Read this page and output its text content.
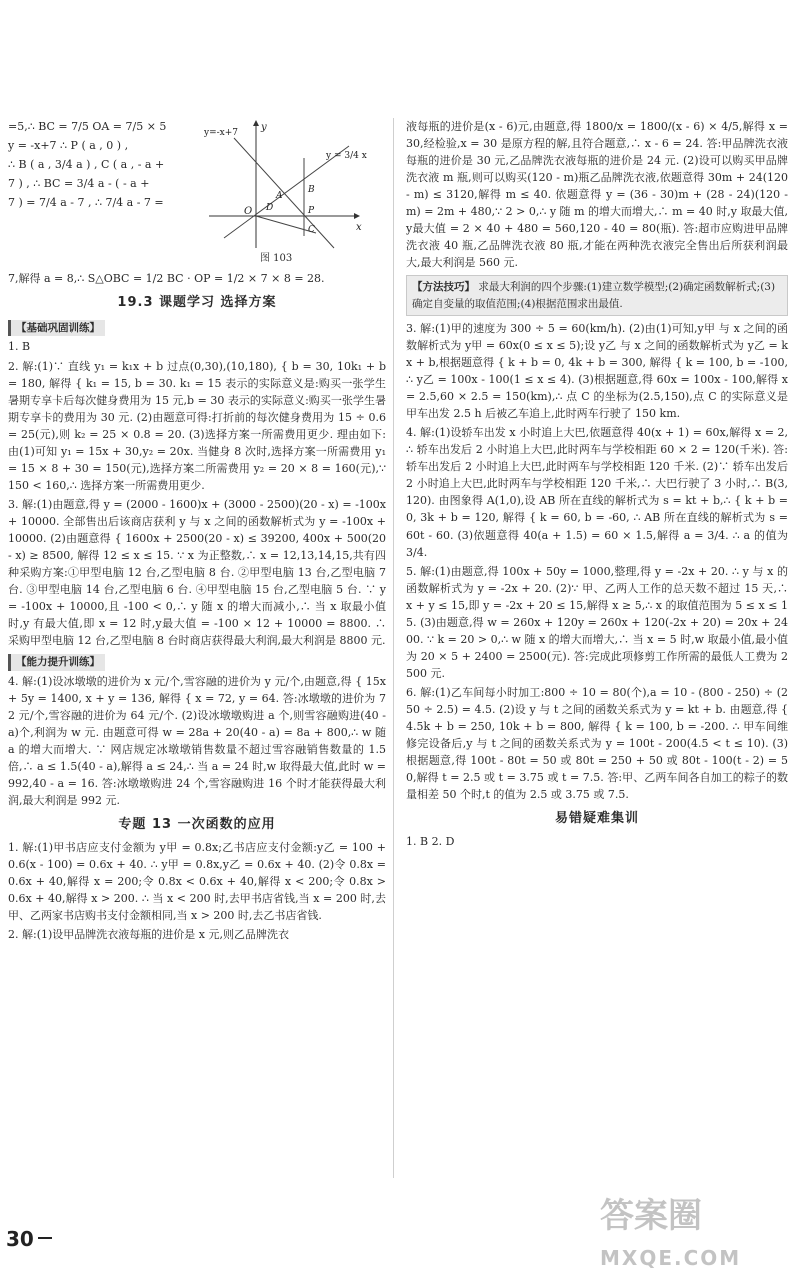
=5,∴ BC = 7/5 OA = 7/5 × 5
y = -x+7 ∴ P ( a , 0 ) ,
∴ B ( a , 3/4 a ) , C ( a , - a +
7 ) , ∴ BC = 3/4 a - ( - a +
7 ) = 7/4 a - 7 , ∴ 7/4 a - 7 =
y
x
O
y=-x+7
y = 3/4 x
A
D
B
P
C
图 103
7,解得 a = 8,∴ S△OBC = 1/2 BC · OP = 1/2 × 7 × 8 = 28.
19.3 课题学习 选择方案
【基础巩固训练】
1. B
2. 解:(1)∵ 直线 y₁ = k₁x + b 过点(0,30),(10,180), { b = 30, 10k₁ + b = 180, 解得 { k₁ = 15, b = 30. k₁ = 15 表示的实际意义是:购买一张学生暑期专享卡后每次健身费用为 15 元,b = 30 表示的实际意义:购买一张学生暑期专享卡的费用为 30 元. (2)由题意可得:打折前的每次健身费用为 15 ÷ 0.6 = 25(元),则 k₂ = 25 × 0.8 = 20. (3)选择方案一所需费用更少. 理由如下:由(1)可知 y₁ = 15x + 30,y₂ = 20x. 当健身 8 次时,选择方案一所需费用 y₁ = 15 × 8 + 30 = 150(元),选择方案二所需费用 y₂ = 20 × 8 = 160(元),∵ 150 < 160,∴ 选择方案一所需费用更少.
3. 解:(1)由题意,得 y = (2000 - 1600)x + (3000 - 2500)(20 - x) = -100x + 10000. 全部售出后该商店获利 y 与 x 之间的函数解析式为 y = -100x + 10000. (2)由题意得 { 1600x + 2500(20 - x) ≤ 39200, 400x + 500(20 - x) ≥ 8500, 解得 12 ≤ x ≤ 15. ∵ x 为正整数,∴ x = 12,13,14,15,共有四种采购方案:①甲型电脑 12 台,乙型电脑 8 台. ②甲型电脑 13 台,乙型电脑 7 台. ③甲型电脑 14 台,乙型电脑 6 台. ④甲型电脑 15 台,乙型电脑 5 台. ∵ y = -100x + 10000,且 -100 < 0,∴ y 随 x 的增大而减小,∴ 当 x 取最小值时,y 有最大值,即 x = 12 时,y最大值 = -100 × 12 + 10000 = 8800. ∴ 采购甲型电脑 12 台,乙型电脑 8 台时商店获得最大利润,最大利润是 8800 元.
【能力提升训练】
4. 解:(1)设冰墩墩的进价为 x 元/个,雪容融的进价为 y 元/个,由题意,得 { 15x + 5y = 1400, x + y = 136, 解得 { x = 72, y = 64. 答:冰墩墩的进价为 72 元/个,雪容融的进价为 64 元/个. (2)设冰墩墩购进 a 个,则雪容融购进(40 - a)个,利润为 w 元. 由题意可得 w = 28a + 20(40 - a) = 8a + 800,∴ w 随 a 的增大而增大. ∵ 网店规定冰墩墩销售数量不超过雪容融销售数量的 1.5 倍,∴ a ≤ 1.5(40 - a),解得 a ≤ 24,∴ 当 a = 24 时,w 取得最大值,此时 w = 992,40 - a = 16. 答:冰墩墩购进 24 个,雪容融购进 16 个时才能获得最大利润,最大利润是 992 元.
专题 13 一次函数的应用
1. 解:(1)甲书店应支付金额为 y甲 = 0.8x;乙书店应支付金额:y乙 = 100 + 0.6(x - 100) = 0.6x + 40. ∴ y甲 = 0.8x,y乙 = 0.6x + 40. (2)令 0.8x = 0.6x + 40,解得 x = 200;令 0.8x < 0.6x + 40,解得 x < 200;令 0.8x > 0.6x + 40,解得 x > 200. ∴ 当 x < 200 时,去甲书店省钱,当 x = 200 时,去甲、乙两家书店购书支付金额相同,当 x > 200 时,去乙书店省钱.
2. 解:(1)设甲品牌洗衣液每瓶的进价是 x 元,则乙品牌洗衣
液每瓶的进价是(x - 6)元,由题意,得 1800/x = 1800/(x - 6) × 4/5,解得 x = 30,经检验,x = 30 是原方程的解,且符合题意,∴ x - 6 = 24. 答:甲品牌洗衣液每瓶的进价是 30 元,乙品牌洗衣液每瓶的进价是 24 元. (2)设可以购买甲品牌洗衣液 m 瓶,则可以购买(120 - m)瓶乙品牌洗衣液,依题意得 30m + 24(120 - m) ≤ 3120,解得 m ≤ 40. 依题意得 y = (36 - 30)m + (28 - 24)(120 - m) = 2m + 480,∵ 2 > 0,∴ y 随 m 的增大而增大,∴ m = 40 时,y 取最大值,y最大值 = 2 × 40 + 480 = 560,120 - 40 = 80(瓶). 答:超市应购进甲品牌洗衣液 40 瓶,乙品牌洗衣液 80 瓶,才能在两种洗衣液完全售出后所获利润最大,最大利润是 560 元.
【方法技巧】 求最大利润的四个步骤:(1)建立数学模型;(2)确定函数解析式;(3)确定自变量的取值范围;(4)根据范围求出最值.
3. 解:(1)甲的速度为 300 ÷ 5 = 60(km/h). (2)由(1)可知,y甲 与 x 之间的函数解析式为 y甲 = 60x(0 ≤ x ≤ 5);设 y乙 与 x 之间的函数解析式为 y乙 = kx + b,根据题意得 { k + b = 0, 4k + b = 300, 解得 { k = 100, b = -100, ∴ y乙 = 100x - 100(1 ≤ x ≤ 4). (3)根据题意,得 60x = 100x - 100,解得 x = 2.5,60 × 2.5 = 150(km),∴ 点 C 的坐标为(2.5,150),点 C 的实际意义是甲车出发 2.5 h 后被乙车追上,此时两车行驶了 150 km.
4. 解:(1)设轿车出发 x 小时追上大巴,依题意得 40(x + 1) = 60x,解得 x = 2,∴ 轿车出发后 2 小时追上大巴,此时两车与学校相距 60 × 2 = 120(千米). 答:轿车出发后 2 小时追上大巴,此时两车与学校相距 120 千米. (2)∵ 轿车出发后 2 小时追上大巴,此时两车与学校相距 120 千米,∴ 大巴行驶了 3 小时,∴ B(3,120). 由图象得 A(1,0),设 AB 所在直线的解析式为 s = kt + b,∴ { k + b = 0, 3k + b = 120, 解得 { k = 60, b = -60, ∴ AB 所在直线的解析式为 s = 60t - 60. (3)依题意得 40(a + 1.5) = 60 × 1.5,解得 a = 3/4. ∴ a 的值为 3/4.
5. 解:(1)由题意,得 100x + 50y = 1000,整理,得 y = -2x + 20. ∴ y 与 x 的函数解析式为 y = -2x + 20. (2)∵ 甲、乙两人工作的总天数不超过 15 天,∴ x + y ≤ 15,即 y = -2x + 20 ≤ 15,解得 x ≥ 5,∴ x 的取值范围为 5 ≤ x ≤ 15. (3)由题意,得 w = 260x + 120y = 260x + 120(-2x + 20) = 20x + 2400. ∵ k = 20 > 0,∴ w 随 x 的增大而增大,∴ 当 x = 5 时,w 取最小值,最小值为 20 × 5 + 2400 = 2500(元). 答:完成此项修剪工作所需的最低人工费为 2500 元.
6. 解:(1)乙车间每小时加工:800 ÷ 10 = 80(个),a = 10 - (800 - 250) ÷ (250 ÷ 2.5) = 4.5. (2)设 y 与 t 之间的函数关系式为 y = kt + b. 由题意,得 { 4.5k + b = 250, 10k + b = 800, 解得 { k = 100, b = -200. ∴ 甲车间维修完设备后,y 与 t 之间的函数关系式为 y = 100t - 200(4.5 < t ≤ 10). (3)根据题意,得 100t - 80t = 50 或 80t = 250 + 50 或 80t - 100(t - 2) = 50,解得 t = 2.5 或 t = 3.75 或 t = 7.5. 答:甲、乙两车间各自加工的粽子的数量相差 50 个时,t 的值为 2.5 或 3.75 或 7.5.
易错疑难集训
1. B 2. D
30
答案圈
MXQE.COM
